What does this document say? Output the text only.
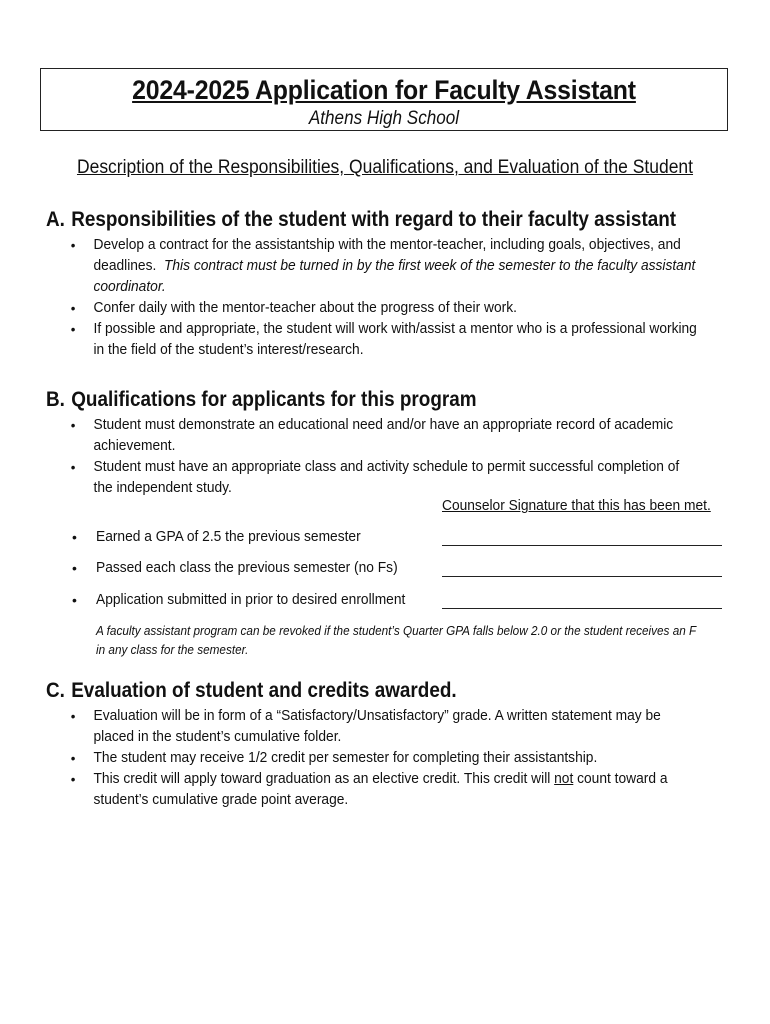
2024-2025 Application for Faculty Assistant
Athens High School
Description of the Responsibilities, Qualifications, and Evaluation of the Student
A. Responsibilities of the student with regard to their faculty assistant
• Develop a contract for the assistantship with the mentor-teacher, including goals, objectives, and deadlines. This contract must be turned in by the first week of the semester to the faculty assistant coordinator.
• Confer daily with the mentor-teacher about the progress of their work.
• If possible and appropriate, the student will work with/assist a mentor who is a professional working in the field of the student’s interest/research.
B. Qualifications for applicants for this program
• Student must demonstrate an educational need and/or have an appropriate record of academic achievement.
• Student must have an appropriate class and activity schedule to permit successful completion of the independent study.
Counselor Signature that this has been met.
• Earned a GPA of 2.5 the previous semester
• Passed each class the previous semester (no Fs)
• Application submitted in prior to desired enrollment
A faculty assistant program can be revoked if the student’s Quarter GPA falls below 2.0 or the student receives an F in any class for the semester.
C. Evaluation of student and credits awarded.
• Evaluation will be in form of a “Satisfactory/Unsatisfactory” grade. A written statement may be placed in the student’s cumulative folder.
• The student may receive 1/2 credit per semester for completing their assistantship.
• This credit will apply toward graduation as an elective credit. This credit will not count toward a student’s cumulative grade point average.
